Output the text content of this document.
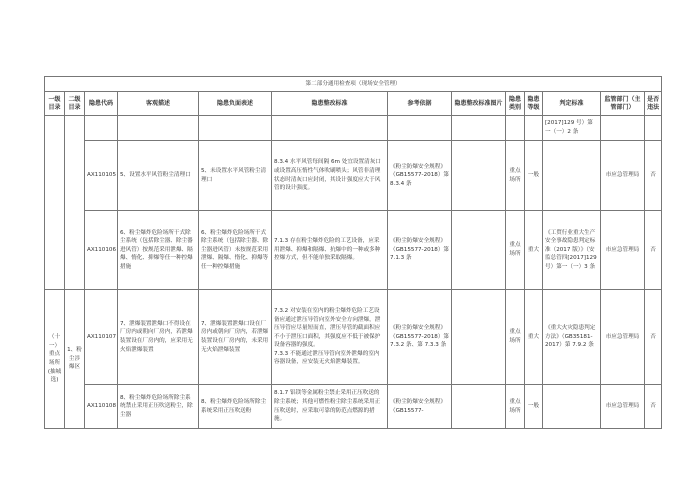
第二部分通用检查项（现场安全管理）												
一级目录	二级目录	隐患代码	客观描述	隐患负面表述	隐患整改标准	参考依据	隐患整改标准图片	隐患类别	隐患等级	判定标准	监管部门（主管部门）	是否违法
										[2017]129 号）第一（一）2 条		
		AX110105	5、设置水平风管粉尘清理口	5、未设置水平风管粉尘清理口	8.3.4 水平风管每间隔 6m 处宜设置清灰口或设置高压惰性气体吹刷喷头；风管非清理状态时清灰口应封闭，其设计强度应大于风管的设计强度。	《粉尘防爆安全规程》（GB15577-2018）第 8.3.4 条		重点场所	一般		市应急管理局	否
		AX110106	6、粉尘爆炸危险场所干式除尘系统（包括除尘器、除尘器进风管）按规范采用泄爆、隔爆、惰化、抑爆等任一种控爆措施	6、粉尘爆炸危险场所干式除尘系统（包括除尘器、除尘器进风管）未按规范采用泄爆、隔爆、惰化、抑爆等任一种控爆措施	7.1.3 存在粉尘爆炸危险的工艺设备，应采用泄爆、抑爆和隔爆、抗爆中的一种或多种控爆方式，但不能单独采取隔爆。	《粉尘防爆安全规程》（GB15577-2018）第 7.1.3 条		重点场所	重大	《工贸行业重大生产安全事故隐患判定标准（2017 版）》（安监总管四[2017]129 号）第一（一）3 条	市应急管理局	否
（十一）重点场所(抽城选)	1、粉尘涉爆区	AX110107	7、泄爆装置泄爆口不得设在厂房内或朝向厂房内，若泄爆装置设在厂房内的，应采用无火焰泄爆装置	7、泄爆装置泄爆口设在厂房内或朝向厂房内，若泄爆装置设在厂房内的，未采用无火焰泄爆装置	7.3.2 对安装在室内的粉尘爆炸危险工艺设备应通过泄压导管向室外安全方向泄爆，泄压导管应尽量短而直，泄压导管的截面积应不小于泄压口面积，其强度应不低于被保护设备容器的强度。
7.3.3 不能通过泄压导管向室外泄爆的室内容器设备，应安装无火焰泄爆装置。	《粉尘防爆安全规程》（GB15577-2018）第 7.3.2 条、第 7.3.3 条		重点场所	重大	《重大火灾隐患判定方法》（GB35181-2017）第 7.9.2 条	市应急管理局	否
		AX110108	8、粉尘爆炸危险场所除尘系统禁止采用正压吹送粉尘，除尘器	8、粉尘爆炸危险场所除尘系统采用正压吹送粉	8.1.7 铝镁等金属粉尘禁止采用正压吹送的除尘系统；其他可燃性粉尘除尘系统采用正压吹送时，应采取可靠的防范点燃源的措施。	《粉尘防爆安全规程》（GB15577-		重点场所	一般		市应急管理局	否
